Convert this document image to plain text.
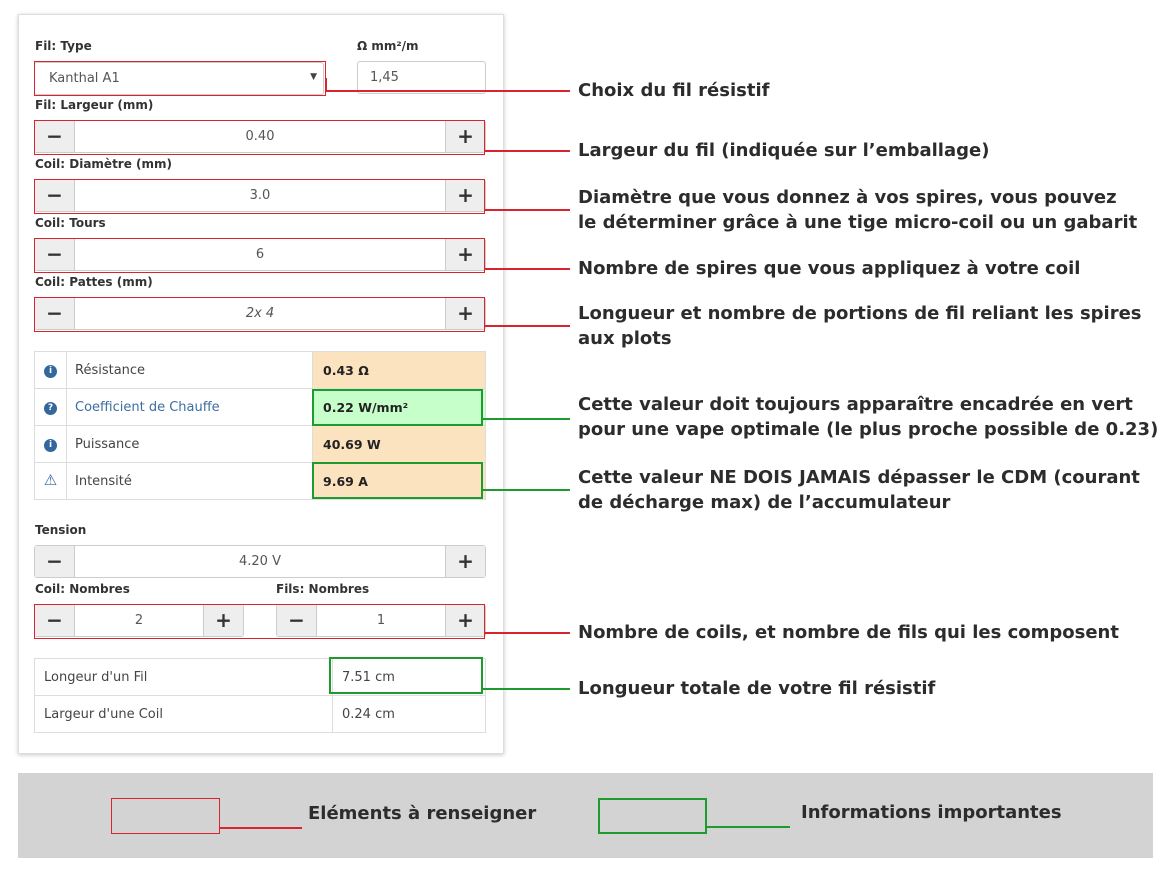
Fil: Type	Ω mm²/m
Kanthal A1	▼	1,45
Fil: Largeur (mm)
−	0.40	+
Coil: Diamètre (mm)
−	3.0	+
Coil: Tours
−	6	+
Coil: Pattes (mm)
−	2x 4	+
i	Résistance	0.43 Ω
?	Coefficient de Chauffe	0.22 W/mm²
i	Puissance	40.69 W
⚠	Intensité	9.69 A
Tension
−	4.20 V	+
Coil: Nombres	Fils: Nombres
−	2	+	−	1	+
Longeur d'un Fil	7.51 cm
Largeur d'une Coil	0.24 cm
Choix du fil résistif
Largeur du fil (indiquée sur l’emballage)
Diamètre que vous donnez à vos spires, vous pouvez
le déterminer grâce à une tige micro-coil ou un gabarit
Nombre de spires que vous appliquez à votre coil
Longueur et nombre de portions de fil reliant les spires
aux plots
Cette valeur doit toujours apparaître encadrée en vert
pour une vape optimale (le plus proche possible de 0.23)
Cette valeur NE DOIS JAMAIS dépasser le CDM (courant
de décharge max) de l’accumulateur
Nombre de coils, et nombre de fils qui les composent
Longueur totale de votre fil résistif
Eléments à renseigner	Informations importantes
